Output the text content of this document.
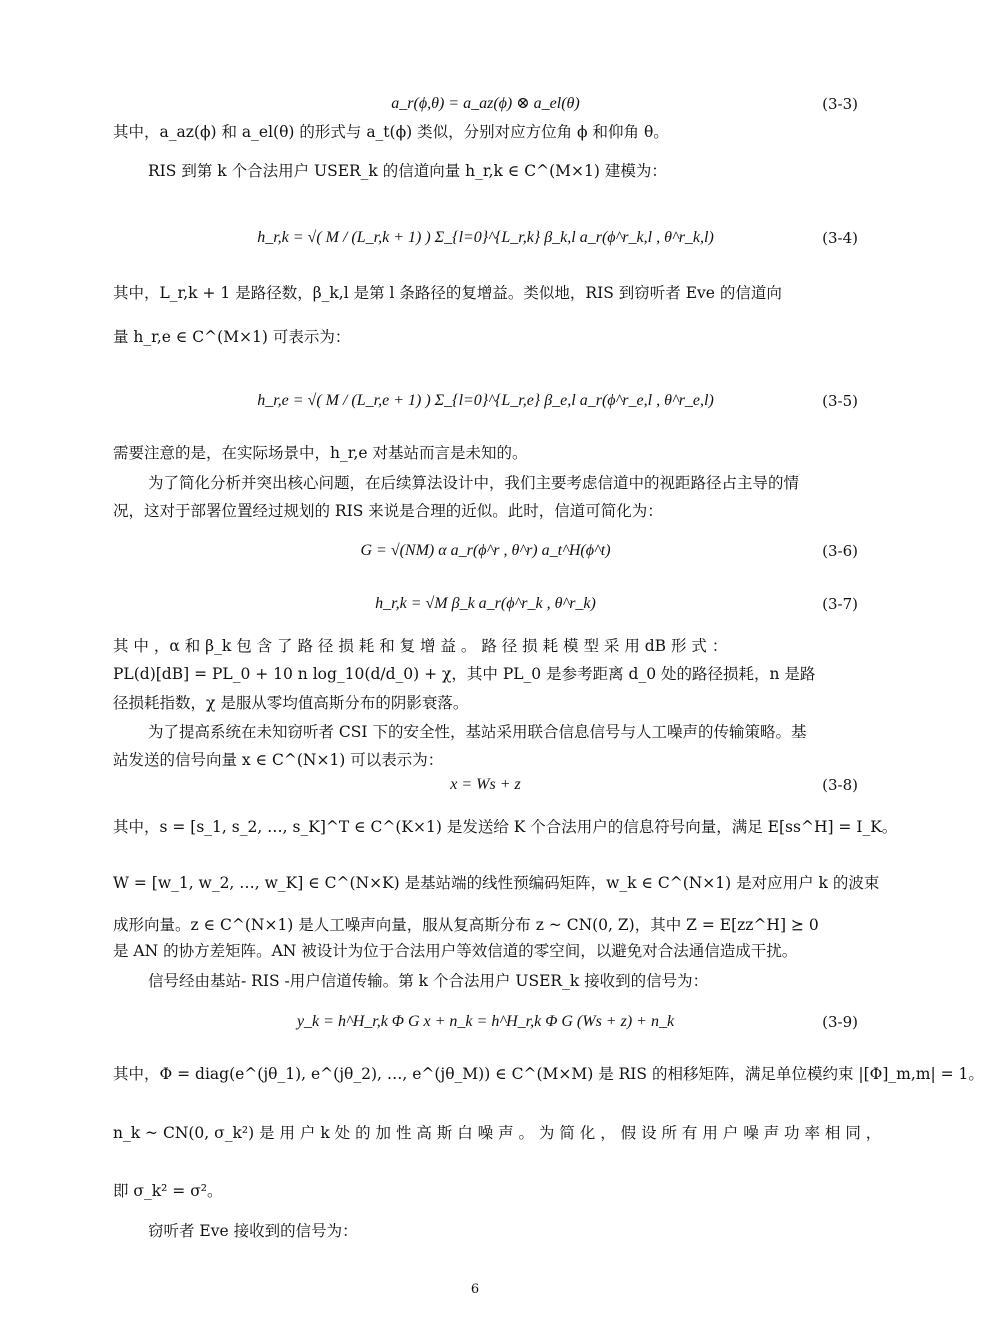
a_r(ϕ,θ) = a_az(ϕ) ⊗ a_el(θ)	(3-3)
其中，a_az(ϕ) 和 a_el(θ) 的形式与 a_t(ϕ) 类似，分别对应方位角 ϕ 和仰角 θ。
RIS 到第 k 个合法用户 USER_k 的信道向量 h_r,k ∈ C^(M×1) 建模为：
h_r,k = √( M / (L_r,k + 1) ) Σ_{l=0}^{L_r,k} β_k,l a_r(ϕ^r_k,l , θ^r_k,l)	(3-4)
其中，L_r,k + 1 是路径数，β_k,l 是第 l 条路径的复增益。类似地，RIS 到窃听者 Eve 的信道向
量 h_r,e ∈ C^(M×1) 可表示为：
h_r,e = √( M / (L_r,e + 1) ) Σ_{l=0}^{L_r,e} β_e,l a_r(ϕ^r_e,l , θ^r_e,l)	(3-5)
需要注意的是，在实际场景中，h_r,e 对基站而言是未知的。
为了简化分析并突出核心问题，在后续算法设计中，我们主要考虑信道中的视距路径占主导的情
况，这对于部署位置经过规划的 RIS 来说是合理的近似。此时，信道可简化为：
G = √(NM) α a_r(ϕ^r , θ^r) a_t^H(ϕ^t)	(3-6)
h_r,k = √M β_k a_r(ϕ^r_k , θ^r_k)	(3-7)
其 中 ，α 和 β_k 包 含 了 路 径 损 耗 和 复 增 益 。 路 径 损 耗 模 型 采 用 dB 形 式 ：
PL(d)[dB] = PL_0 + 10 n log_10(d/d_0) + χ，其中 PL_0 是参考距离 d_0 处的路径损耗，n 是路
径损耗指数，χ 是服从零均值高斯分布的阴影衰落。
为了提高系统在未知窃听者 CSI 下的安全性，基站采用联合信息信号与人工噪声的传输策略。基
站发送的信号向量 x ∈ C^(N×1) 可以表示为：
x = Ws + z	(3-8)
其中，s = [s_1, s_2, …, s_K]^T ∈ C^(K×1) 是发送给 K 个合法用户的信息符号向量，满足 E[ss^H] = I_K。
W = [w_1, w_2, …, w_K] ∈ C^(N×K) 是基站端的线性预编码矩阵，w_k ∈ C^(N×1) 是对应用户 k 的波束
成形向量。z ∈ C^(N×1) 是人工噪声向量，服从复高斯分布 z ~ CN(0, Z)，其中 Z = E[zz^H] ⪰ 0
是 AN 的协方差矩阵。AN 被设计为位于合法用户等效信道的零空间，以避免对合法通信造成干扰。
信号经由基站- RIS -用户信道传输。第 k 个合法用户 USER_k 接收到的信号为：
y_k = h^H_r,k Φ G x + n_k = h^H_r,k Φ G (Ws + z) + n_k	(3-9)
其中，Φ = diag(e^(jθ_1), e^(jθ_2), …, e^(jθ_M)) ∈ C^(M×M) 是 RIS 的相移矩阵，满足单位模约束 |[Φ]_m,m| = 1。
n_k ~ CN(0, σ_k²) 是 用 户 k 处 的 加 性 高 斯 白 噪 声 。 为 简 化 ， 假 设 所 有 用 户 噪 声 功 率 相 同 ，
即 σ_k² = σ²。
窃听者 Eve 接收到的信号为：
6
